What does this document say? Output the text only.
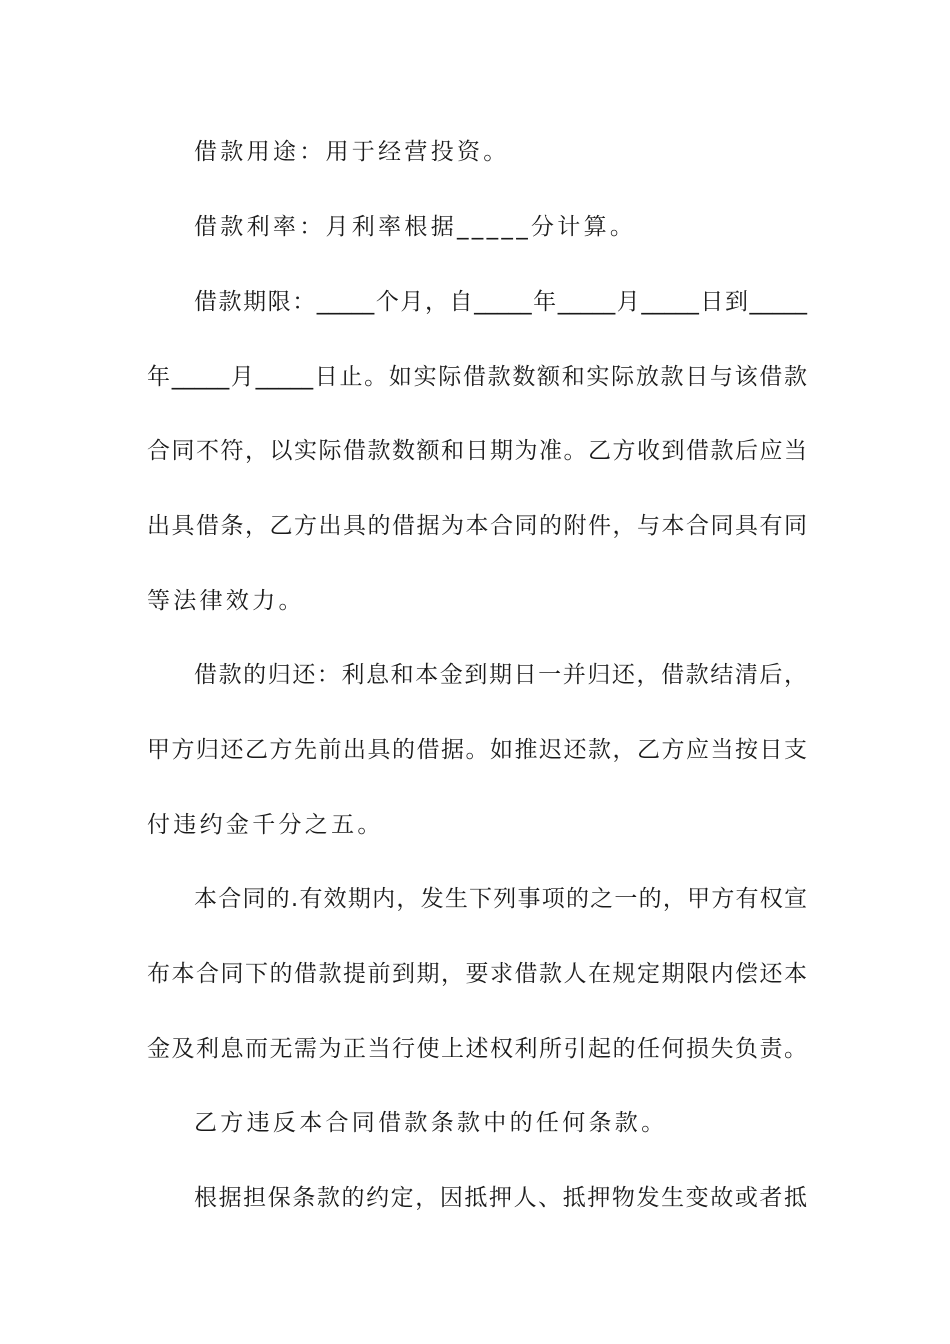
借款用途：用于经营投资。
借款利率：月利率根据_____分计算。
借款期限：_____个月，自_____年_____月_____日到_____
年_____月_____日止。如实际借款数额和实际放款日与该借款
合同不符，以实际借款数额和日期为准。乙方收到借款后应当
出具借条，乙方出具的借据为本合同的附件，与本合同具有同
等法律效力。
借款的归还：利息和本金到期日一并归还，借款结清后，
甲方归还乙方先前出具的借据。如推迟还款，乙方应当按日支
付违约金千分之五。
本合同的.有效期内，发生下列事项的之一的，甲方有权宣
布本合同下的借款提前到期，要求借款人在规定期限内偿还本
金及利息而无需为正当行使上述权利所引起的任何损失负责。
乙方违反本合同借款条款中的任何条款。
根据担保条款的约定，因抵押人、抵押物发生变故或者抵
